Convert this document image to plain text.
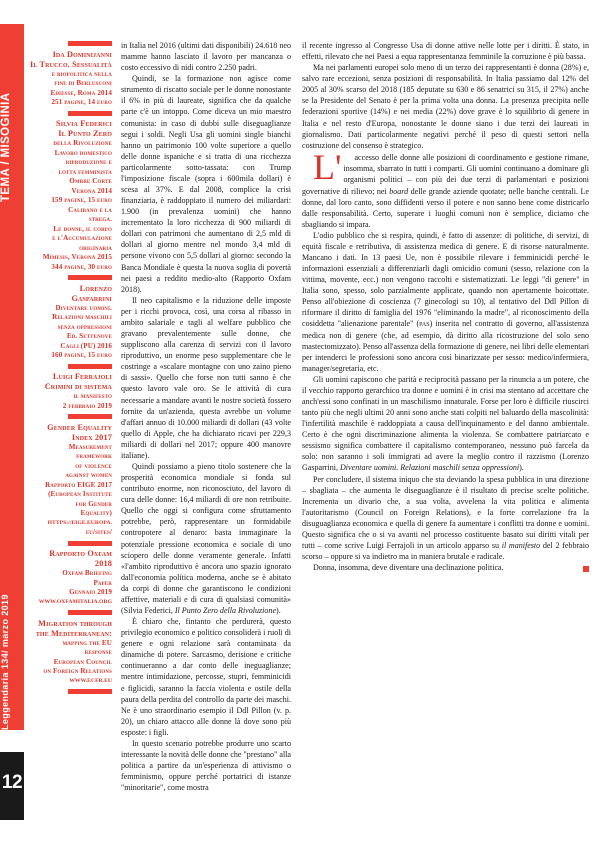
TEMA / MISOGINIA
Leggendaria 134/ marzo 2019
12
Ida Dominijanni
Il Trucco. Sessualità
e biopolitica nella
fine di Berlusconi
Ediesse, Roma 2014
251 pagine, 14 euro
Silvia Federici
Il Punto Zero
della Rivoluzione
Lavoro domestico
riproduzione e
lotta femminista
Ombre Corte
Verona 2014
159 pagine, 15 euro
Calibano e la
strega.
Le donne, il corpo
e l'Accumulazione
originaria
Mimesis, Verona 2015
344 pagine, 30 euro
Lorenzo
Gasparrini
Diventare uomini.
Relazioni maschili
senza oppressioni
Ed. Settenove
Cagli (PU) 2016
160 pagine, 15 euro
Luigi Ferrajoli
Crimini di sistema
il manifesto
2 febbraio 2019
Gender Equality
Index 2017
Measurement
framework
of violence
against women
Rapporto EIGE 2017
(European Institute
for Gender
Equality)
HTTPS://EIGE.EUROPA.
eu/sites/
Rapporto Oxfam
2018
Oxfam Briefing
Paper
Gennaio 2019
WWW.OXFAMITALIA.ORG
Migration through
the Mediterranean:
mapping the EU
response
European Council
on Foreign Relations
WWW.ECFR.EU

in Italia nel 2016 (ultimi dati disponibili) 24.618 neo mamme hanno lasciato il lavoro per mancanza o costo eccessivo di nidi contro 2.250 padri.

Quindi, se la formazione non agisce come strumento di riscatto sociale per le donne nonostante il 6% in più di laureate, significa che da qualche parte c'è un intoppo. Come diceva un mio maestro comunista: in caso di dubbi sulle diseguaglianze segui i soldi. Negli Usa gli uomini single bianchi hanno un patrimonio 100 volte superiore a quello delle donne ispaniche e si tratta di una ricchezza particolarmente sotto-tassata: con Trump l'imposizione fiscale (sopra i 600mila dollari) è scesa al 37%. E dal 2008, complice la crisi finanziaria, è raddoppiato il numero dei miliardari: 1.900 (in prevalenza uomini) che hanno incrementato la loro ricchezza di 900 miliardi di dollari con patrimoni che aumentano di 2,5 mld di dollari al giorno mentre nel mondo 3,4 mld di persone vivono con 5,5 dollari al giorno: secondo la Banca Mondiale è questa la nuova soglia di povertà nei paesi a reddito medio-alto (Rapporto Oxfam 2018).

Il neo capitalismo e la riduzione delle imposte per i ricchi provoca, così, una corsa al ribasso in ambito salariale e tagli al welfare pubblico che gravano prevalentemente sulle donne, che suppliscono alla carenza di servizi con il lavoro riproduttivo, un enorme peso supplementare che le costringe a «scalare montagne con uno zaino pieno di sassi». Quello che forse non tutti sanno è che questo lavoro vale oro. Se le attività di cura necessarie a mandare avanti le nostre società fossero fornite da un'azienda, questa avrebbe un volume d'affari annuo di 10.000 miliardi di dollari (43 volte quello di Apple, che ha dichiarato ricavi per 229,3 miliardi di dollari nel 2017; oppure 400 manovre italiane).

Quindi possiamo a pieno titolo sostenere che la prosperità economica mondiale si fonda sul contributo enorme, non riconosciuto, del lavoro di cura delle donne: 16,4 miliardi di ore non retribuite. Quello che oggi si configura come sfruttamento potrebbe, però, rappresentare un formidabile contropotere al denaro: basta immaginare la potenziale pressione economica e sociale di uno sciopero delle donne veramente generale. Infatti «l'ambito riproduttivo è ancora uno spazio ignorato dall'economia politica moderna, anche se è abitato da corpi di donne che garantiscono le condizioni affettive, materiali e di cura di qualsiasi comunità» (Silvia Federici, Il Punto Zero della Rivoluzione).

È chiaro che, fintanto che perdurerà, questo privilegio economico e politico consoliderà i ruoli di genere e ogni relazione sarà contaminata da dinamiche di potere. Sarcasmo, derisione e critiche continueranno a dar conto delle ineguaglianze; mentre intimidazione, percosse, stupri, femminicidi e figlicidi, saranno la faccia violenta e ostile della paura della perdita del controllo da parte dei maschi. Ne è uno straordinario esempio il Ddl Pillon (v. p. 20), un chiaro attacco alle donne là dove sono più esposte: i figli.

In questo scenario potrebbe produrre uno scarto interessante la novità delle donne che "prestano" alla politica a partire da un'esperienza di attivismo o femminismo, oppure perché portatrici di istanze "minoritarie", come mostra

il recente ingresso al Congresso Usa di donne attive nelle lotte per i diritti. È stato, in effetti, rilevato che nei Paesi a equa rappresentanza femminile la corruzione è più bassa.

Ma nei parlamenti europei solo meno di un terzo dei rappresentanti è donna (28%) e, salvo rare eccezioni, senza posizioni di responsabilità. In Italia passiamo dal 12% del 2005 al 30% scarso del 2018 (185 deputate su 630 e 86 senatrici su 315, il 27%) anche se la Presidente del Senato è per la prima volta una donna. La presenza precipita nelle federazioni sportive (14%) e nei media (22%) dove grave è lo squilibrio di genere in Italia e nel resto d'Europa, nonostante le donne siano i due terzi dei laureati in giornalismo. Dati particolarmente negativi perché il peso di questi settori nella costruzione del consenso è strategico.

L' accesso delle donne alle posizioni di coordinamento e gestione rimane, insomma, sbarrato in tutti i comparti. Gli uomini continuano a dominare gli organismi politici – con più dei due terzi di parlamentari e posizioni governative di rilievo; nei board delle grande aziende quotate; nelle banche centrali. Le donne, dal loro canto, sono diffidenti verso il potere e non sanno bene come districarlo dalle responsabilità. Certo, superare i luoghi comuni non è semplice, diciamo che sbagliando si impara.

L'odio pubblico che si respira, quindi, è fatto di assenze: di politiche, di servizi, di equità fiscale e retributiva, di assistenza medica di genere. E di risorse naturalmente. Mancano i dati. In 13 paesi Ue, non è possibile rilevare i femminicidi perché le informazioni essenziali a differenziarli dagli omicidio comuni (sesso, relazione con la vittima, movente, ecc.) non vengono raccolti e sistematizzati. Le leggi "di genere" in Italia sono, spesso, solo parzialmente applicate, quando non apertamente boicottate. Penso all'obiezione di coscienza (7 ginecologi su 10), al tentativo del Ddl Pillon di riformare il diritto di famiglia del 1976 "eliminando la madre", al riconoscimento della cosiddetta "alienazione parentale" (pas) inserita nel contratto di governo, all'assistenza medica non di genere (che, ad esempio, dà diritto alla ricostruzione del solo seno mastectomizzato). Penso all'assenza della formazione di genere, nei libri delle elementari per intenderci le professioni sono ancora così binarizzate per sesso: medico/infermiera, manager/segretaria, etc.

Gli uomini capiscono che parità e reciprocità passano per la rinuncia a un potere, che il vecchio rapporto gerarchico tra donne e uomini è in crisi ma stentano ad accettare che anch'essi sono confinati in un maschilismo innaturale. Forse per loro è difficile riuscirci tanto più che negli ultimi 20 anni sono anche stati colpiti nel baluardo della mascolinità: l'infertilità maschile è raddoppiata a causa dell'inquinamento e del danno ambientale. Certo è che ogni discriminazione alimenta la violenza. Se combattere patriarcato e sessismo significa combattere il capitalismo contemporaneo, nessuno può farcela da solo: non saranno i soli immigrati ad avere la meglio contro il razzismo (Lorenzo Gasparrini, Diventare uomini. Relazioni maschili senza oppressioni).

Per concludere, il sistema iniquo che sta deviando la spesa pubblica in una direzione – sbagliata – che aumenta le diseguaglianze è il risultato di precise scelte politiche. Incrementa un divario che, a sua volta, avvelena la vita politica e alimenta l'autoritarismo (Council on Foreign Relations), e la forte correlazione fra la disuguaglianza economica e quella di genere fa aumentare i conflitti tra donne e uomini. Questo significa che o si va avanti nel processo costituente basato sui diritti vitali per tutti – come scrive Luigi Ferrajoli in un articolo apparso su il manifesto del 2 febbraio scorso – oppure si va indietro ma in maniera brutale e radicale.

Donna, insomma, deve diventare una declinazione politica.
